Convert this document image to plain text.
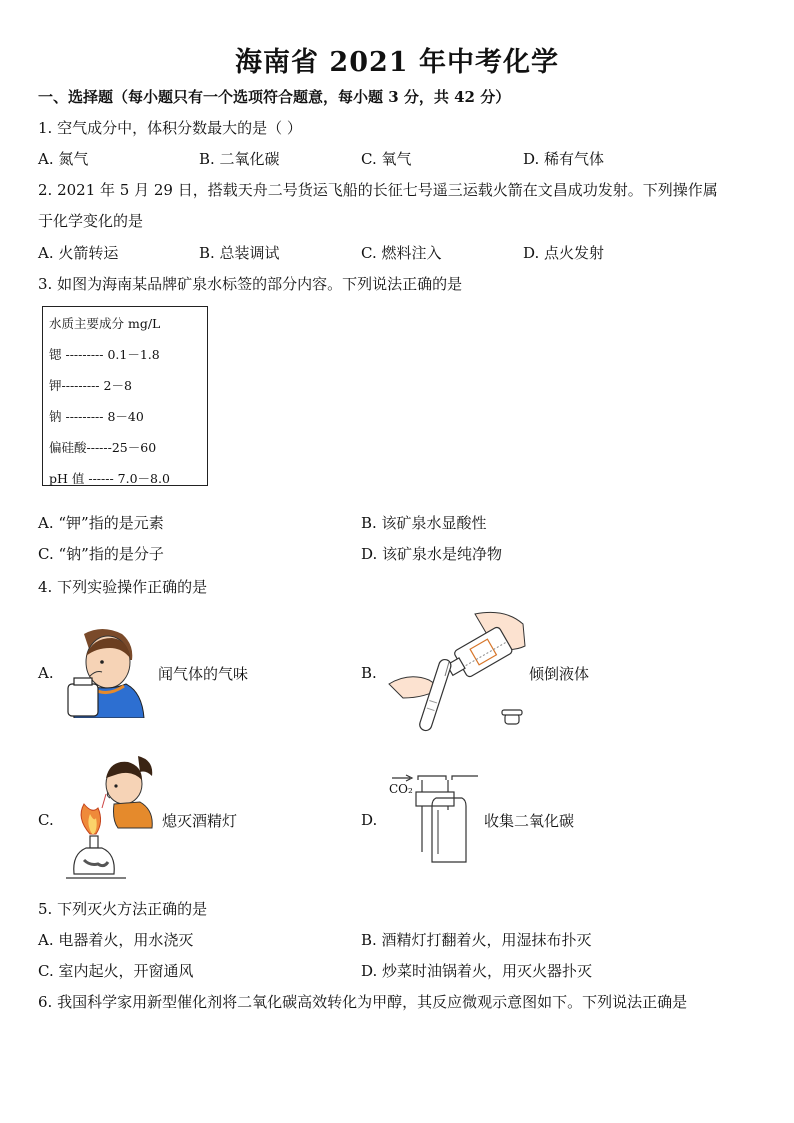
海南省 2021 年中考化学
一、选择题（每小题只有一个选项符合题意，每小题 3 分，共 42 分）
1. 空气成分中，体积分数最大的是（ ）
A. 氮气	B. 二氧化碳	C. 氧气	D. 稀有气体
2. 2021 年 5 月 29 日，搭载天舟二号货运飞船的长征七号遥三运载火箭在文昌成功发射。下列操作属
于化学变化的是
A. 火箭转运	B. 总装调试	C. 燃料注入	D. 点火发射
3. 如图为海南某品牌矿泉水标签的部分内容。下列说法正确的是
水质主要成分 mg/L
锶 --------- 0.1－1.8
钾--------- 2－8
钠 --------- 8－40
偏硅酸------25－60
pH 值 ------ 7.0－8.0
A. “钾”指的是元素	B. 该矿泉水显酸性
C. “钠”指的是分子	D. 该矿泉水是纯净物
4. 下列实验操作正确的是
A.	闻气体的气味	B.	倾倒液体
C.	熄灭酒精灯	D.
CO₂
收集二氧化碳
5. 下列灭火方法正确的是
A. 电器着火，用水浇灭	B. 酒精灯打翻着火，用湿抹布扑灭
C. 室内起火，开窗通风	D. 炒菜时油锅着火，用灭火器扑灭
6. 我国科学家用新型催化剂将二氧化碳高效转化为甲醇，其反应微观示意图如下。下列说法正确是
